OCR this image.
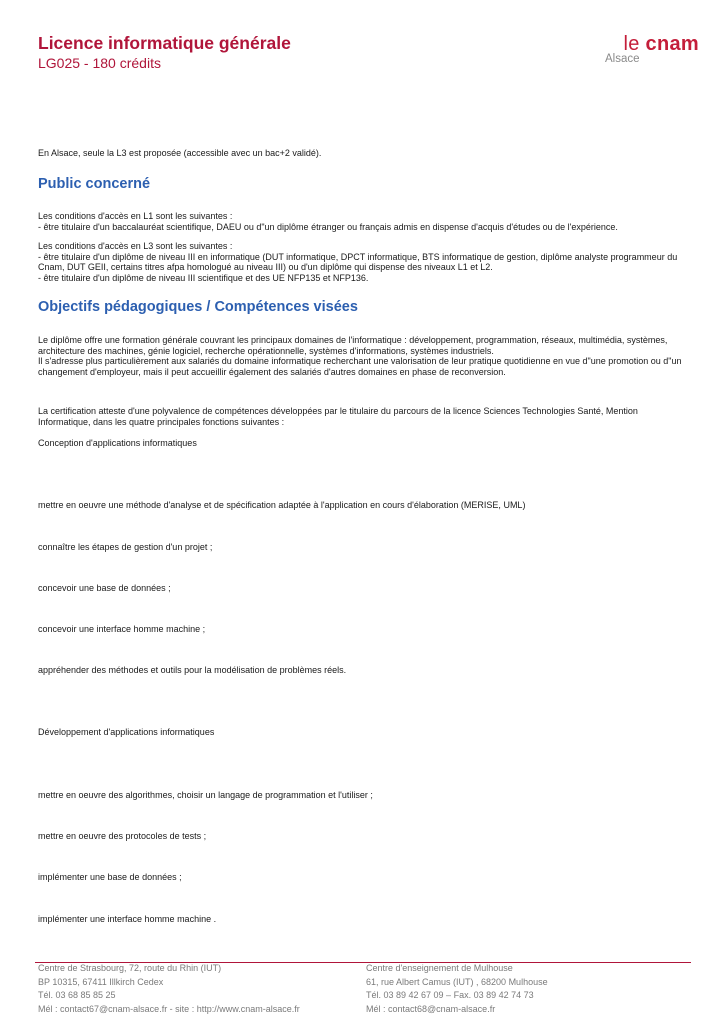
Licence informatique générale
LG025 - 180 crédits
le cnam
Alsace
En Alsace, seule la L3 est proposée (accessible avec un bac+2 validé).
Public concerné
Les conditions d'accès en L1 sont les suivantes :
- être titulaire d'un baccalauréat scientifique, DAEU ou d"un diplôme étranger ou français admis en dispense d'acquis d'études ou de l'expérience.
Les conditions d'accès en L3 sont les suivantes :
- être titulaire d'un diplôme de niveau III en informatique (DUT informatique, DPCT informatique, BTS informatique de gestion, diplôme analyste programmeur du Cnam, DUT GEII, certains titres afpa homologué au niveau III) ou d'un diplôme qui dispense des niveaux L1 et L2.
- être titulaire d'un diplôme de niveau III scientifique et des UE NFP135 et NFP136.
Objectifs pédagogiques / Compétences visées
Le diplôme offre une formation générale couvrant les principaux domaines de l'informatique : développement, programmation, réseaux, multimédia, systèmes, architecture des machines, génie logiciel, recherche opérationnelle, systèmes d'informations, systèmes industriels.
Il s'adresse plus particulièrement aux salariés du domaine informatique recherchant une valorisation de leur pratique quotidienne en vue d"une promotion ou d"un changement d'employeur, mais il peut accueillir également des salariés d'autres domaines en phase de reconversion.
La certification atteste d'une polyvalence de compétences développées par le titulaire du parcours de la licence Sciences Technologies Santé, Mention Informatique, dans les quatre principales fonctions suivantes :
Conception d'applications informatiques
mettre en oeuvre une méthode d'analyse et de spécification adaptée à l'application en cours d'élaboration (MERISE, UML)
connaître les étapes de gestion d'un projet ;
concevoir une base de données ;
concevoir une interface homme machine ;
appréhender des méthodes et outils pour la modélisation de problèmes réels.
Développement d'applications informatiques
mettre en oeuvre des algorithmes, choisir un langage de programmation et l'utiliser ;
mettre en oeuvre des protocoles de tests ;
implémenter une base de données ;
implémenter une interface homme machine .
Centre de Strasbourg, 72, route du Rhin (IUT)
BP 10315, 67411 Illkirch Cedex
Tél. 03 68 85 85 25
Mél : contact67@cnam-alsace.fr - site : http://www.cnam-alsace.fr
Centre d'enseignement de Mulhouse
61, rue Albert Camus (IUT) , 68200 Mulhouse
Tél. 03 89 42 67 09 – Fax. 03 89 42 74 73
Mél : contact68@cnam-alsace.fr
